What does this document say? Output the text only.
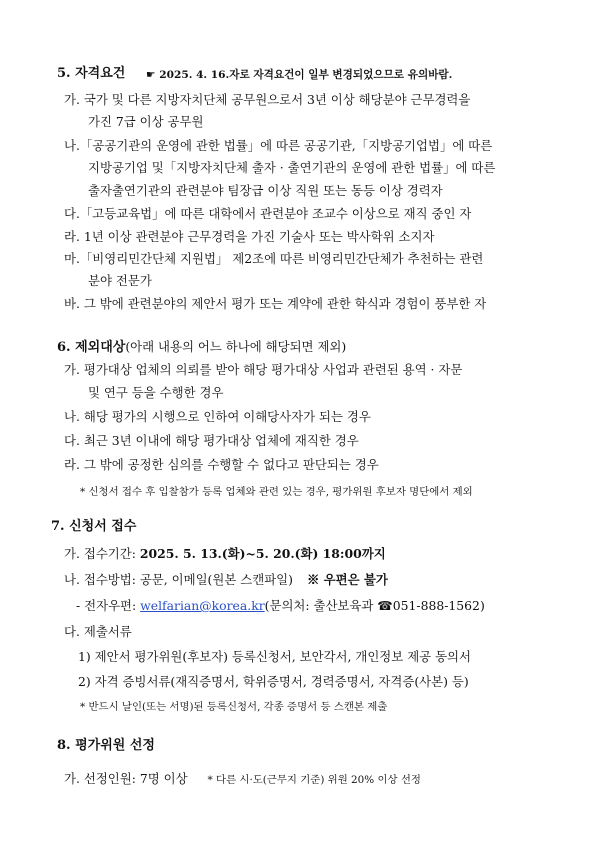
5. 자격요건 ☛ 2025. 4. 16.자로 자격요건이 일부 변경되었으므로 유의바람.
가. 국가 및 다른 지방자치단체 공무원으로서 3년 이상 해당분야 근무경력을
가진 7급 이상 공무원
나.「공공기관의 운영에 관한 법률」에 따른 공공기관,「지방공기업법」에 따른
지방공기업 및「지방자치단체 출자 · 출연기관의 운영에 관한 법률」에 따른
출자출연기관의 관련분야 팀장급 이상 직원 또는 동등 이상 경력자
다.「고등교육법」에 따른 대학에서 관련분야 조교수 이상으로 재직 중인 자
라. 1년 이상 관련분야 근무경력을 가진 기술사 또는 박사학위 소지자
마.「비영리민간단체 지원법」 제2조에 따른 비영리민간단체가 추천하는 관련
분야 전문가
바. 그 밖에 관련분야의 제안서 평가 또는 계약에 관한 학식과 경험이 풍부한 자
6. 제외대상(아래 내용의 어느 하나에 해당되면 제외)
가. 평가대상 업체의 의뢰를 받아 해당 평가대상 사업과 관련된 용역 · 자문
및 연구 등을 수행한 경우
나. 해당 평가의 시행으로 인하여 이해당사자가 되는 경우
다. 최근 3년 이내에 해당 평가대상 업체에 재직한 경우
라. 그 밖에 공정한 심의를 수행할 수 없다고 판단되는 경우
* 신청서 접수 후 입찰참가 등록 업체와 관련 있는 경우, 평가위원 후보자 명단에서 제외
7. 신청서 접수
가. 접수기간: 2025. 5. 13.(화)~5. 20.(화) 18:00까지
나. 접수방법: 공문, 이메일(원본 스캔파일) ※ 우편은 불가
- 전자우편: welfarian@korea.kr(문의처: 출산보육과 ☎051-888-1562)
다. 제출서류
1) 제안서 평가위원(후보자) 등록신청서, 보안각서, 개인정보 제공 동의서
2) 자격 증빙서류(재직증명서, 학위증명서, 경력증명서, 자격증(사본) 등)
* 반드시 날인(또는 서명)된 등록신청서, 각종 증명서 등 스캔본 제출
8. 평가위원 선정
가. 선정인원: 7명 이상 * 다른 시·도(근무지 기준) 위원 20% 이상 선정
